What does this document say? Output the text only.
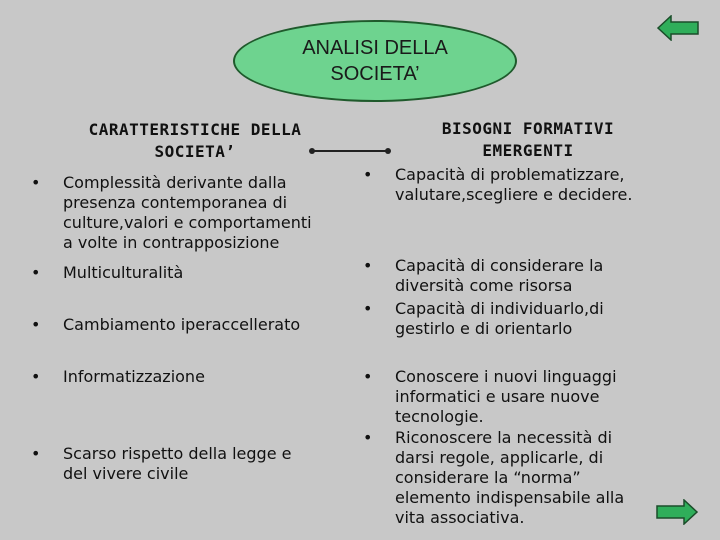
ANALISI DELLA
SOCIETA’
CARATTERISTICHE DELLA
SOCIETA’
BISOGNI FORMATIVI
EMERGENTI
• Complessità derivante dalla
presenza contemporanea di
culture,valori e comportamenti
a volte in contrapposizione
• Multiculturalità
• Cambiamento iperaccellerato
• Informatizzazione
• Scarso rispetto della legge e
del vivere civile
• Capacità di problematizzare,
valutare,scegliere e decidere.
• Capacità di considerare la
diversità come risorsa
• Capacità di individuarlo,di
gestirlo e di orientarlo
• Conoscere i nuovi linguaggi
informatici e usare nuove
tecnologie.
• Riconoscere la necessità di
darsi regole, applicarle, di
considerare la “norma”
elemento indispensabile alla
vita associativa.
